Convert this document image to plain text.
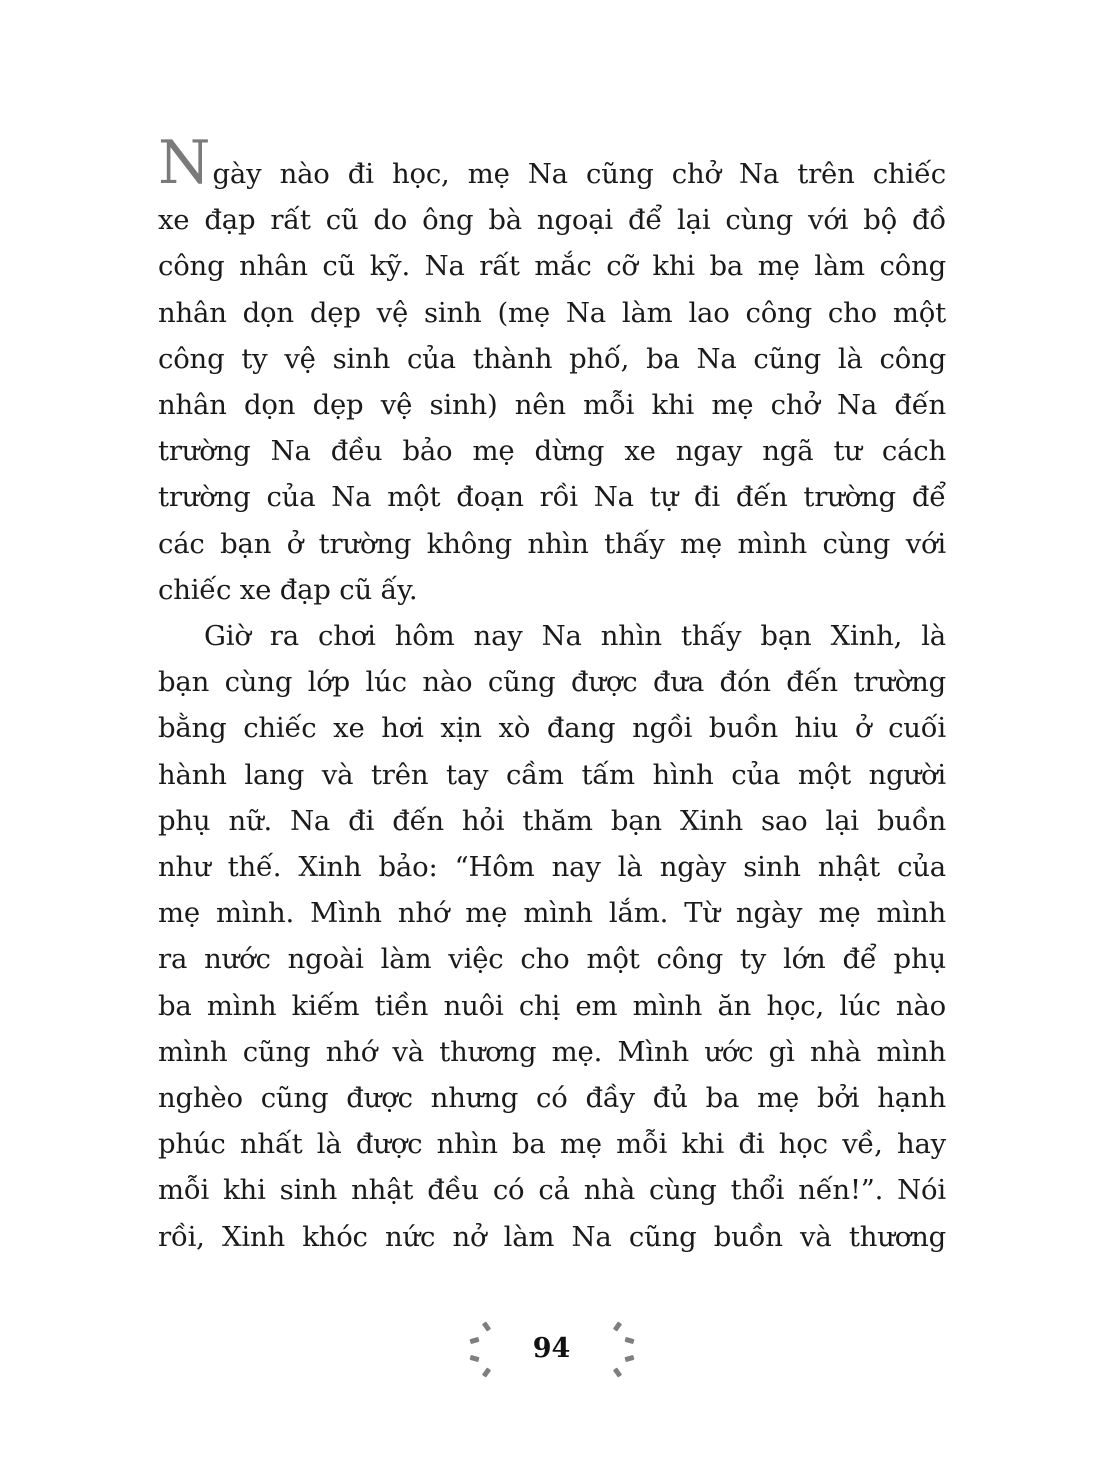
Ngày nào đi học, mẹ Na cũng chở Na trên chiếc
xe đạp rất cũ do ông bà ngoại để lại cùng với bộ đồ
công nhân cũ kỹ. Na rất mắc cỡ khi ba mẹ làm công
nhân dọn dẹp vệ sinh (mẹ Na làm lao công cho một
công ty vệ sinh của thành phố, ba Na cũng là công
nhân dọn dẹp vệ sinh) nên mỗi khi mẹ chở Na đến
trường Na đều bảo mẹ dừng xe ngay ngã tư cách
trường của Na một đoạn rồi Na tự đi đến trường để
các bạn ở trường không nhìn thấy mẹ mình cùng với
chiếc xe đạp cũ ấy.

Giờ ra chơi hôm nay Na nhìn thấy bạn Xinh, là
bạn cùng lớp lúc nào cũng được đưa đón đến trường
bằng chiếc xe hơi xịn xò đang ngồi buồn hiu ở cuối
hành lang và trên tay cầm tấm hình của một người
phụ nữ. Na đi đến hỏi thăm bạn Xinh sao lại buồn
như thế. Xinh bảo: “Hôm nay là ngày sinh nhật của
mẹ mình. Mình nhớ mẹ mình lắm. Từ ngày mẹ mình
ra nước ngoài làm việc cho một công ty lớn để phụ
ba mình kiếm tiền nuôi chị em mình ăn học, lúc nào
mình cũng nhớ và thương mẹ. Mình ước gì nhà mình
nghèo cũng được nhưng có đầy đủ ba mẹ bởi hạnh
phúc nhất là được nhìn ba mẹ mỗi khi đi học về, hay
mỗi khi sinh nhật đều có cả nhà cùng thổi nến!”. Nói
rồi, Xinh khóc nức nở làm Na cũng buồn và thương

94
